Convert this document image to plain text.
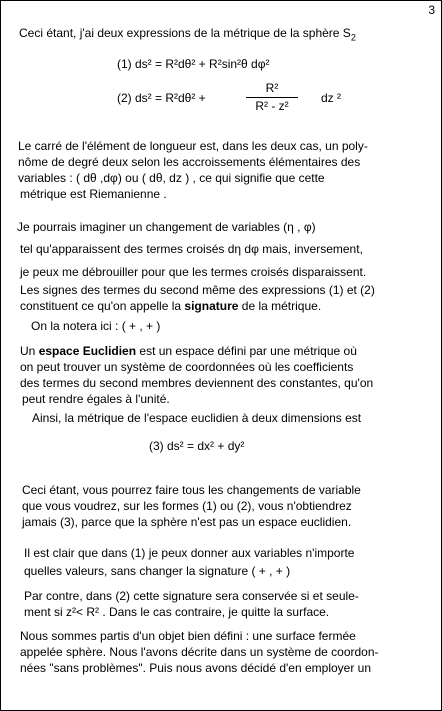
3
Ceci étant, j'ai deux expressions de la métrique de la sphère $S_2$
(1) ds² = R²dθ² + R²sin²θ dφ²
(2) ds² = R²dθ² +
R²
R² - z²
dz ²
Le carré de l'élément de longueur est, dans les deux cas, un poly-
nôme de degré deux selon les accroissements élémentaires des
variables : ( dθ ,dφ) ou ( dθ, dz ) , ce qui signifie que cette
métrique est Riemanienne .
Je pourrais imaginer un changement de variables (η , φ)
tel qu'apparaissent des termes croisés dη dφ mais, inversement,
je peux me débrouiller pour que les termes croisés disparaissent.
Les signes des termes du second même des expressions (1) et (2)
constituent ce qu'on appelle la signature de la métrique.
On la notera ici : ( + , + )
Un espace Euclidien est un espace défini par une métrique où
on peut trouver un système de coordonnées où les coefficients
des termes du second membres deviennent des constantes, qu'on
peut rendre égales à l'unité.
Ainsi, la métrique de l'espace euclidien à deux dimensions est
(3) ds² = dx² + dy²
Ceci étant, vous pourrez faire tous les changements de variable
que vous voudrez, sur les formes (1) ou (2), vous n'obtiendrez
jamais (3), parce que la sphère n'est pas un espace euclidien.
Il est clair que dans (1) je peux donner aux variables n'importe
quelles valeurs, sans changer la signature ( + , + )
Par contre, dans (2) cette signature sera conservée si et seule-
ment si z²< R² . Dans le cas contraire, je quitte la surface.
Nous sommes partis d'un objet bien défini : une surface fermée
appelée sphère. Nous l'avons décrite dans un système de coordon-
nées "sans problèmes". Puis nous avons décidé d'en employer un
